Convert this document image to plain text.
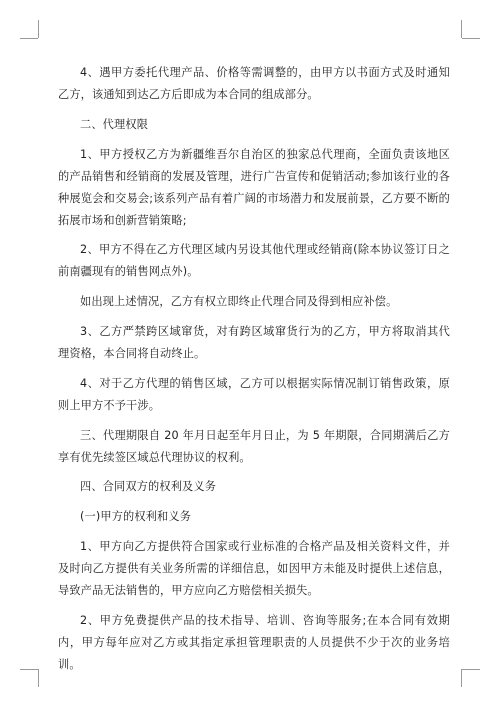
4、遇甲方委托代理产品、价格等需调整的，由甲方以书面方式及时通知乙方，该通知到达乙方后即成为本合同的组成部分。

二、代理权限

1、甲方授权乙方为新疆维吾尔自治区的独家总代理商，全面负责该地区的产品销售和经销商的发展及管理，进行广告宣传和促销活动;参加该行业的各种展览会和交易会;该系列产品有着广阔的市场潜力和发展前景，乙方要不断的拓展市场和创新营销策略;

2、甲方不得在乙方代理区域内另设其他代理或经销商(除本协议签订日之前南疆现有的销售网点外)。

如出现上述情况，乙方有权立即终止代理合同及得到相应补偿。

3、乙方严禁跨区域窜货，对有跨区域窜货行为的乙方，甲方将取消其代理资格，本合同将自动终止。

4、对于乙方代理的销售区域，乙方可以根据实际情况制订销售政策，原则上甲方不予干涉。

三、代理期限自 20 年月日起至年月日止，为 5 年期限，合同期满后乙方享有优先续签区域总代理协议的权利。

四、合同双方的权利及义务

(一)甲方的权利和义务

1、甲方向乙方提供符合国家或行业标准的合格产品及相关资料文件，并及时向乙方提供有关业务所需的详细信息，如因甲方未能及时提供上述信息，导致产品无法销售的，甲方应向乙方赔偿相关损失。

2、甲方免费提供产品的技术指导、培训、咨询等服务;在本合同有效期内，甲方每年应对乙方或其指定承担管理职责的人员提供不少于次的业务培训。
